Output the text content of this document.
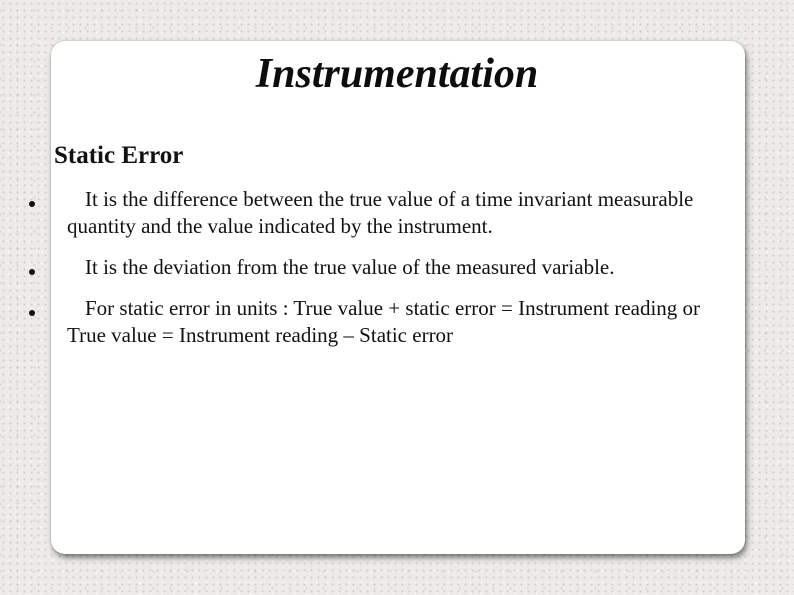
Instrumentation
Static Error
It is the difference between the true value of a time invariant measurable quantity and the value indicated by the instrument.
It is the deviation from the true value of the measured variable.
For static error in units : True value + static error = Instrument reading or True value = Instrument reading – Static error
